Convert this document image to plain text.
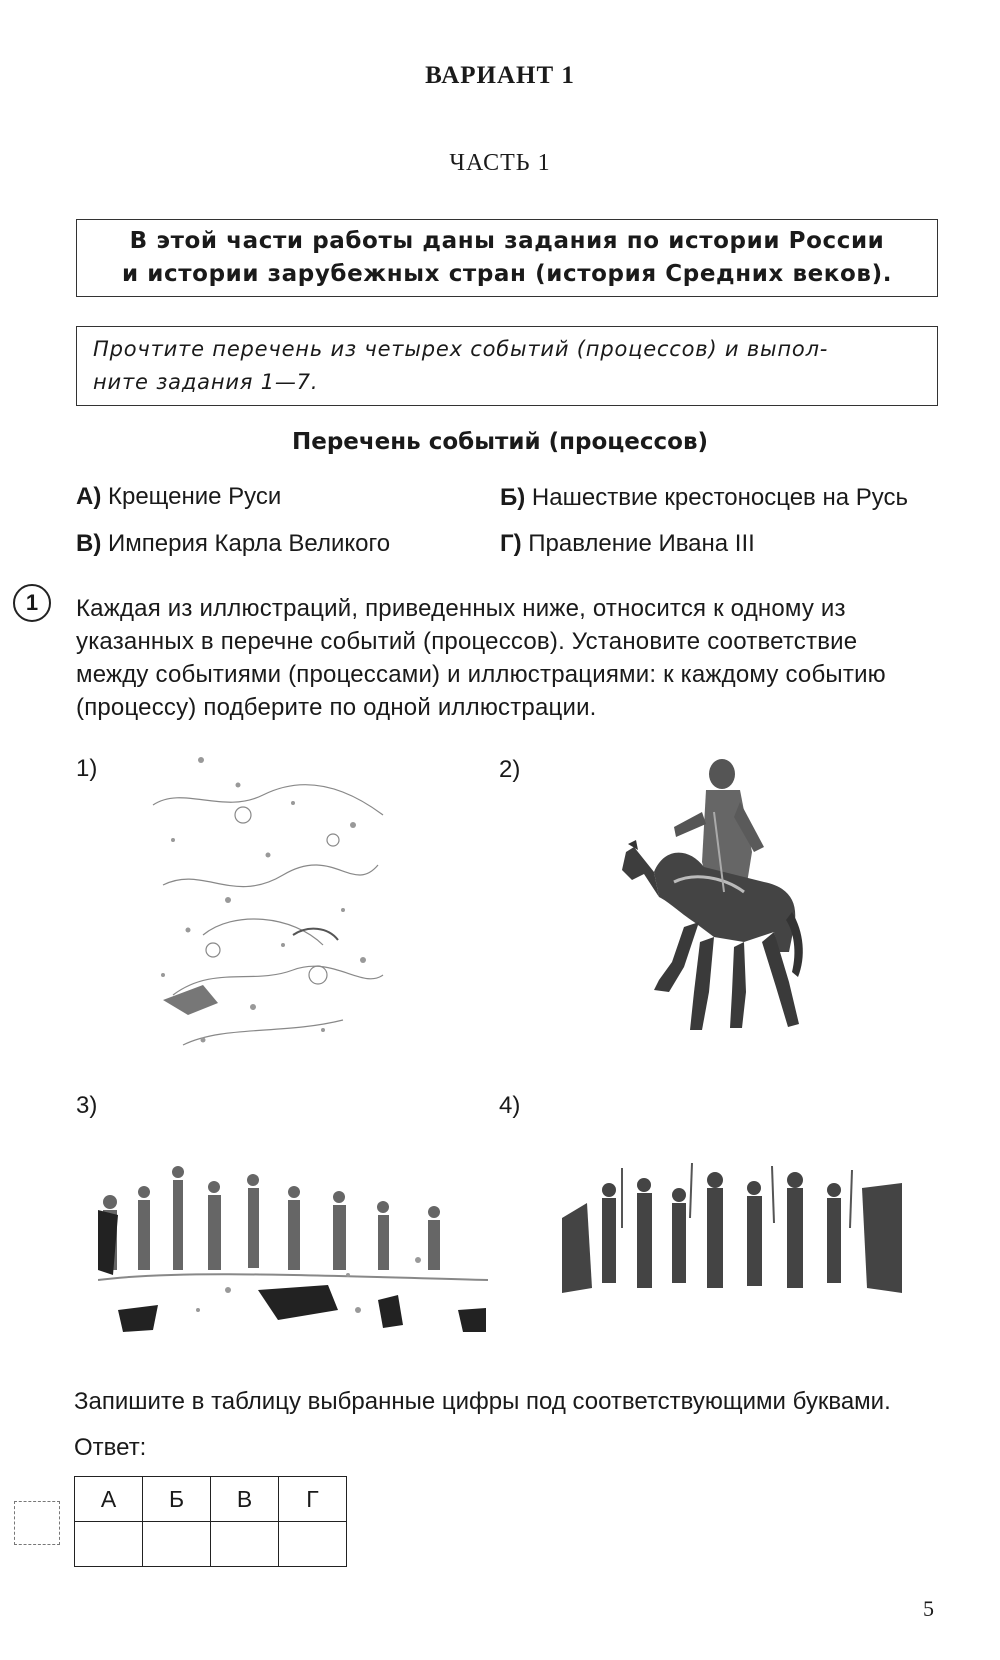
ВАРИАНТ 1
ЧАСТЬ 1
В этой части работы даны задания по истории России
и истории зарубежных стран (история Средних веков).
Прочтите перечень из четырех событий (процессов) и выпол-
ните задания 1—7.
Перечень событий (процессов)
А) Крещение Руси	Б) Нашествие крестоносцев на Русь
В) Империя Карла Великого	Г) Правление Ивана III
1	Каждая из иллюстраций, приведенных ниже, относится к одному из
указанных в перечне событий (процессов). Установите соответствие
между событиями (процессами) и иллюстрациями: к каждому событию
(процессу) подберите по одной иллюстрации.
1)	2)
3)	4)
Запишите в таблицу выбранные цифры под соответствующими буквами.
Ответ:
А	Б	В	Г

5
